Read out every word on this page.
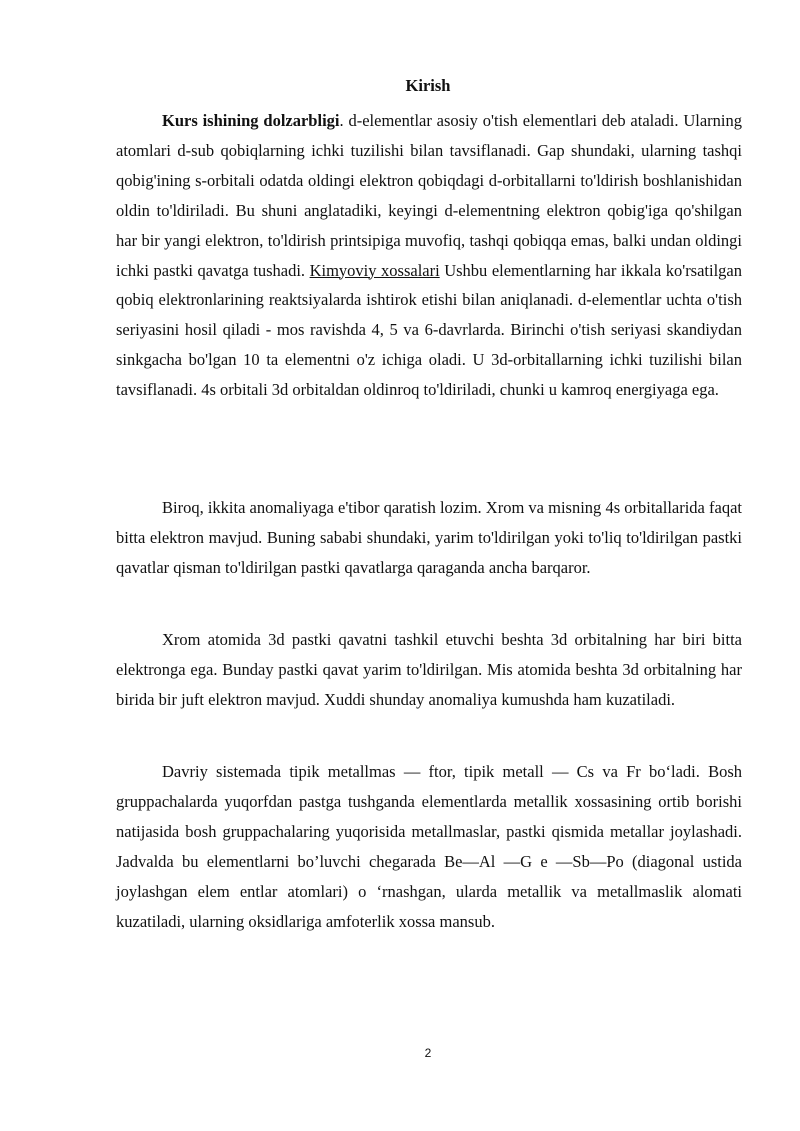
Kirish

Kurs ishining dolzarbligi. d-elementlar asosiy o'tish elementlari deb ataladi. Ularning atomlari d-sub qobiqlarning ichki tuzilishi bilan tavsiflanadi. Gap shundaki, ularning tashqi qobig'ining s-orbitali odatda oldingi elektron qobiqdagi d-orbitallarni to'ldirish boshlanishidan oldin to'ldiriladi. Bu shuni anglatadiki, keyingi d-elementning elektron qobig'iga qo'shilgan har bir yangi elektron, to'ldirish printsipiga muvofiq, tashqi qobiqqa emas, balki undan oldingi ichki pastki qavatga tushadi. Kimyoviy xossalari Ushbu elementlarning har ikkala ko'rsatilgan qobiq elektronlarining reaktsiyalarda ishtirok etishi bilan aniqlanadi. d-elementlar uchta o'tish seriyasini hosil qiladi - mos ravishda 4, 5 va 6-davrlarda. Birinchi o'tish seriyasi skandiydan sinkgacha bo'lgan 10 ta elementni o'z ichiga oladi. U 3d-orbitallarning ichki tuzilishi bilan tavsiflanadi. 4s orbitali 3d orbitaldan oldinroq to'ldiriladi, chunki u kamroq energiyaga ega.

Biroq, ikkita anomaliyaga e'tibor qaratish lozim. Xrom va misning 4s orbitallarida faqat bitta elektron mavjud. Buning sababi shundaki, yarim to'ldirilgan yoki to'liq to'ldirilgan pastki qavatlar qisman to'ldirilgan pastki qavatlarga qaraganda ancha barqaror.

Xrom atomida 3d pastki qavatni tashkil etuvchi beshta 3d orbitalning har biri bitta elektronga ega. Bunday pastki qavat yarim to'ldirilgan. Mis atomida beshta 3d orbitalning har birida bir juft elektron mavjud. Xuddi shunday anomaliya kumushda ham kuzatiladi.

Davriy sistemada tipik metallmas — ftor, tipik metall — Cs va Fr bo‘ladi. Bosh gruppachalarda yuqorfdan pastga tushganda elementlarda metallik xossasining ortib borishi natijasida bosh gruppachalaring yuqorisida metallmaslar, pastki qismida metallar joylashadi. Jadvalda bu elementlarni bo’luvchi chegarada Be—Al —G e —Sb—Po (diagonal ustida joylashgan elem entlar atomlari) o ‘rnashgan, ularda metallik va metallmaslik alomati kuzatiladi, ularning oksidlariga amfoterlik xossa mansub.

2
